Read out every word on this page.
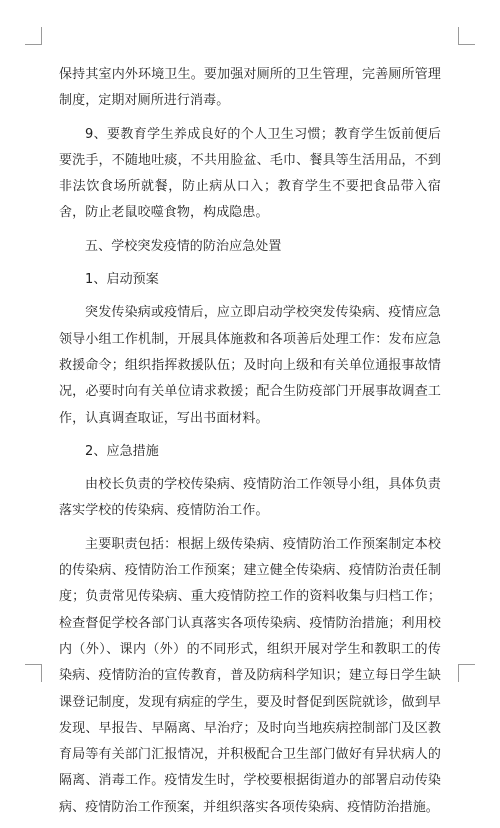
保持其室内外环境卫生。要加强对厕所的卫生管理，完善厕所管理制度，定期对厕所进行消毒。

9、要教育学生养成良好的个人卫生习惯；教育学生饭前便后要洗手，不随地吐痰，不共用脸盆、毛巾、餐具等生活用品，不到非法饮食场所就餐，防止病从口入；教育学生不要把食品带入宿舍，防止老鼠咬噬食物，构成隐患。

五、学校突发疫情的防治应急处置

1、启动预案

突发传染病或疫情后，应立即启动学校突发传染病、疫情应急领导小组工作机制，开展具体施救和各项善后处理工作：发布应急救援命令；组织指挥救援队伍；及时向上级和有关单位通报事故情况，必要时向有关单位请求救援；配合生防疫部门开展事故调查工作，认真调查取证，写出书面材料。

2、应急措施

由校长负责的学校传染病、疫情防治工作领导小组，具体负责落实学校的传染病、疫情防治工作。

主要职责包括：根据上级传染病、疫情防治工作预案制定本校的传染病、疫情防治工作预案；建立健全传染病、疫情防治责任制度；负责常见传染病、重大疫情防控工作的资料收集与归档工作；检查督促学校各部门认真落实各项传染病、疫情防治措施；利用校内（外）、课内（外）的不同形式，组织开展对学生和教职工的传染病、疫情防治的宣传教育，普及防病科学知识；建立每日学生缺课登记制度，发现有病症的学生，要及时督促到医院就诊，做到早发现、早报告、早隔离、早治疗；及时向当地疾病控制部门及区教育局等有关部门汇报情况，并积极配合卫生部门做好有异状病人的隔离、消毒工作。疫情发生时，学校要根据街道办的部署启动传染病、疫情防治工作预案，并组织落实各项传染病、疫情防治措施。
